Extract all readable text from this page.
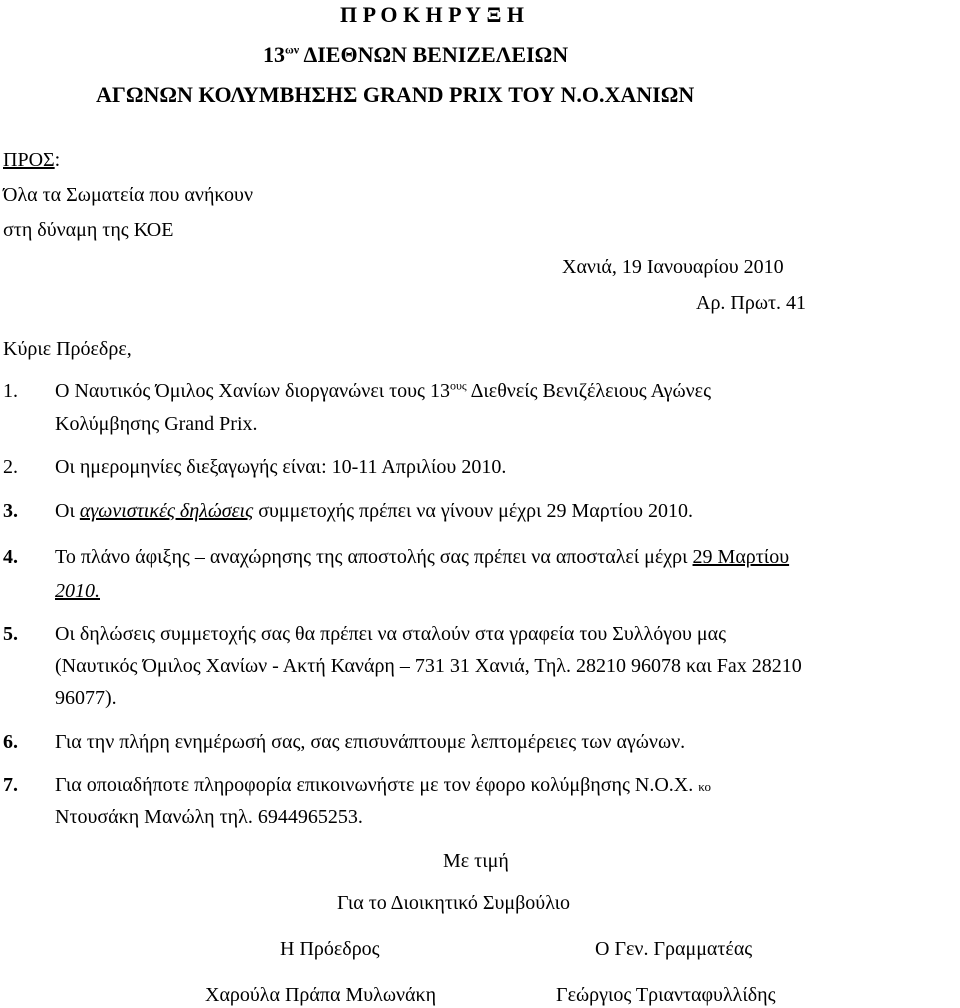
Π Ρ Ο Κ Η Ρ Υ Ξ Η
$13^{\omega\nu}$ ΔΙΕΘΝΩΝ ΒΕΝΙΖΕΛΕΙΩΝ
ΑΓΩΝΩΝ ΚΟΛΥΜΒΗΣΗΣ GRAND PRIX ΤΟΥ Ν.Ο.ΧΑΝΙΩΝ
ΠΡΟΣ:
Όλα τα Σωματεία που ανήκουν
στη δύναμη της ΚΟΕ
Χανιά, 19 Ιανουαρίου 2010
Αρ. Πρωτ. 41
Κύριε Πρόεδρε,
1. Ο Ναυτικός Όμιλος Χανίων διοργανώνει τους $13^{o\upsilon\varsigma}$ Διεθνείς Βενιζέλειους Αγώνες
Κολύμβησης Grand Prix.
2. Οι ημερομηνίες διεξαγωγής είναι: 10-11 Απριλίου 2010.
3. Οι αγωνιστικές δηλώσεις συμμετοχής πρέπει να γίνουν μέχρι 29 Μαρτίου 2010.
4. Το πλάνο άφιξης – αναχώρησης της αποστολής σας πρέπει να αποσταλεί μέχρι 29 Μαρτίου
2010.
5. Οι δηλώσεις συμμετοχής σας θα πρέπει να σταλούν στα γραφεία του Συλλόγου μας
(Ναυτικός Όμιλος Χανίων - Ακτή Κανάρη – 731 31 Χανιά, Τηλ. 28210 96078 και Fax 28210
96077).
6. Για την πλήρη ενημέρωσή σας, σας επισυνάπτουμε λεπτομέρειες των αγώνων.
7. Για οποιαδήποτε πληροφορία επικοινωνήστε με τον έφορο κολύμβησης Ν.Ο.Χ. κο
Ντουσάκη Μανώλη τηλ. 6944965253.
Με τιμή
Για το Διοικητικό Συμβούλιο
Η Πρόεδρος	Ο Γεν. Γραμματέας
Χαρούλα Πράπα Μυλωνάκη	Γεώργιος Τριανταφυλλίδης
